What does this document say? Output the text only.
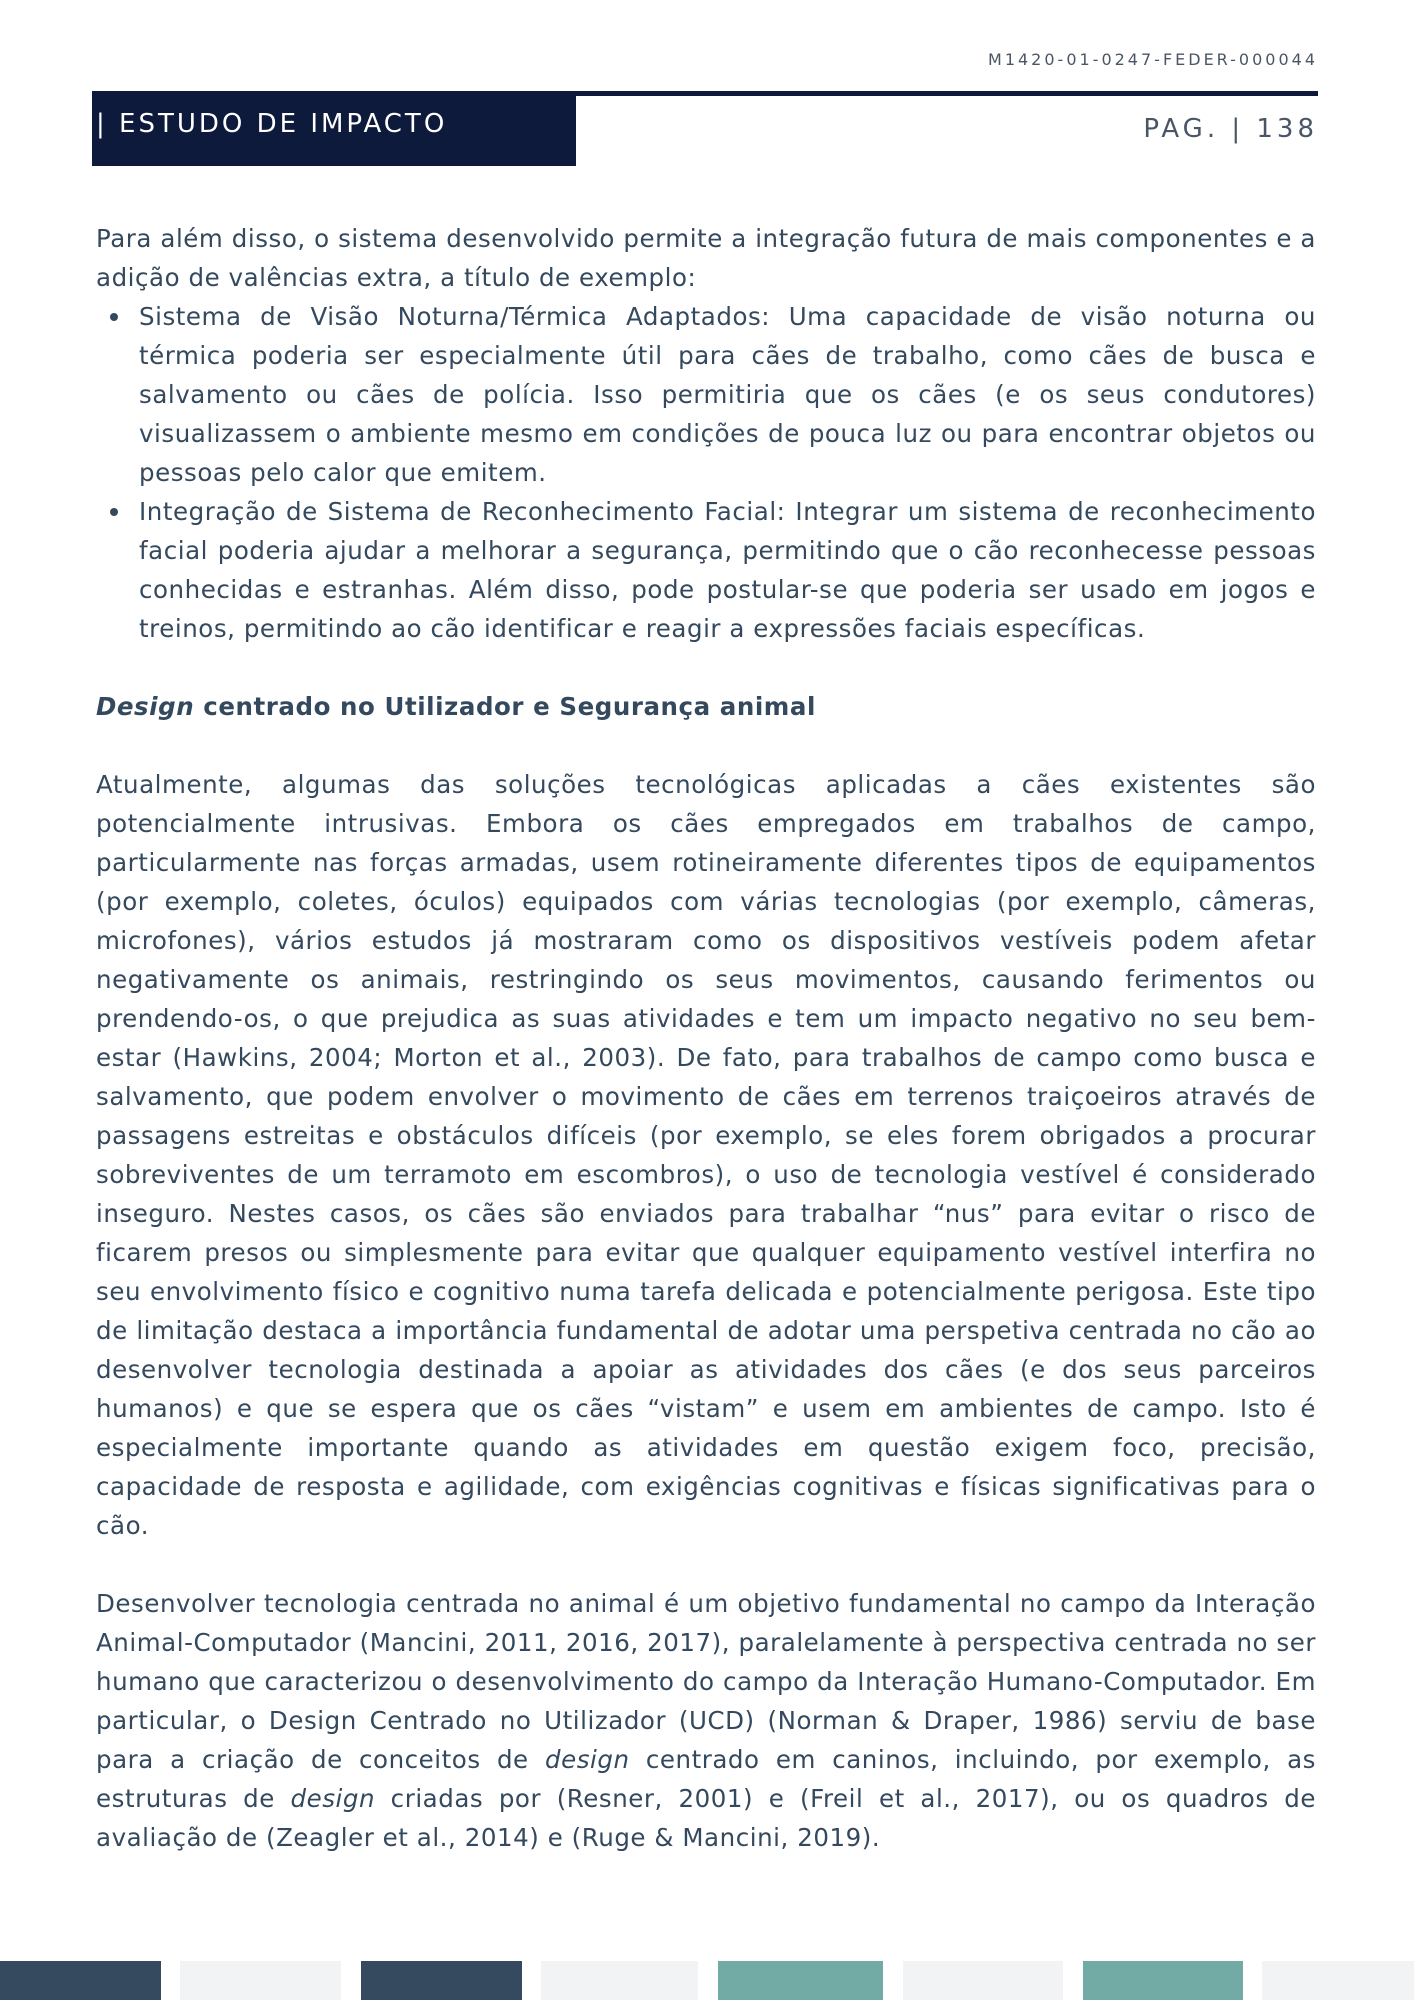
M1420-01-0247-FEDER-000044
| ESTUDO DE IMPACTO	PAG. | 138

Para além disso, o sistema desenvolvido permite a integração futura de mais componentes e a adição de valências extra, a título de exemplo:

Sistema de Visão Noturna/Térmica Adaptados: Uma capacidade de visão noturna ou térmica poderia ser especialmente útil para cães de trabalho, como cães de busca e salvamento ou cães de polícia. Isso permitiria que os cães (e os seus condutores) visualizassem o ambiente mesmo em condições de pouca luz ou para encontrar objetos ou pessoas pelo calor que emitem.
Integração de Sistema de Reconhecimento Facial: Integrar um sistema de reconhecimento facial poderia ajudar a melhorar a segurança, permitindo que o cão reconhecesse pessoas conhecidas e estranhas. Além disso, pode postular-se que poderia ser usado em jogos e treinos, permitindo ao cão identificar e reagir a expressões faciais específicas.
Design centrado no Utilizador e Segurança animal

Atualmente, algumas das soluções tecnológicas aplicadas a cães existentes são potencialmente intrusivas. Embora os cães empregados em trabalhos de campo, particularmente nas forças armadas, usem rotineiramente diferentes tipos de equipamentos (por exemplo, coletes, óculos) equipados com várias tecnologias (por exemplo, câmeras, microfones), vários estudos já mostraram como os dispositivos vestíveis podem afetar negativamente os animais, restringindo os seus movimentos, causando ferimentos ou prendendo-os, o que prejudica as suas atividades e tem um impacto negativo no seu bem-estar (Hawkins, 2004; Morton et al., 2003). De fato, para trabalhos de campo como busca e salvamento, que podem envolver o movimento de cães em terrenos traiçoeiros através de passagens estreitas e obstáculos difíceis (por exemplo, se eles forem obrigados a procurar sobreviventes de um terramoto em escombros), o uso de tecnologia vestível é considerado inseguro. Nestes casos, os cães são enviados para trabalhar “nus” para evitar o risco de ficarem presos ou simplesmente para evitar que qualquer equipamento vestível interfira no seu envolvimento físico e cognitivo numa tarefa delicada e potencialmente perigosa. Este tipo de limitação destaca a importância fundamental de adotar uma perspetiva centrada no cão ao desenvolver tecnologia destinada a apoiar as atividades dos cães (e dos seus parceiros humanos) e que se espera que os cães “vistam” e usem em ambientes de campo. Isto é especialmente importante quando as atividades em questão exigem foco, precisão, capacidade de resposta e agilidade, com exigências cognitivas e físicas significativas para o cão.

Desenvolver tecnologia centrada no animal é um objetivo fundamental no campo da Interação Animal-Computador (Mancini, 2011, 2016, 2017), paralelamente à perspectiva centrada no ser humano que caracterizou o desenvolvimento do campo da Interação Humano-Computador. Em particular, o Design Centrado no Utilizador (UCD) (Norman & Draper, 1986) serviu de base para a criação de conceitos de design centrado em caninos, incluindo, por exemplo, as estruturas de design criadas por (Resner, 2001) e (Freil et al., 2017), ou os quadros de avaliação de (Zeagler et al., 2014) e (Ruge & Mancini, 2019).
